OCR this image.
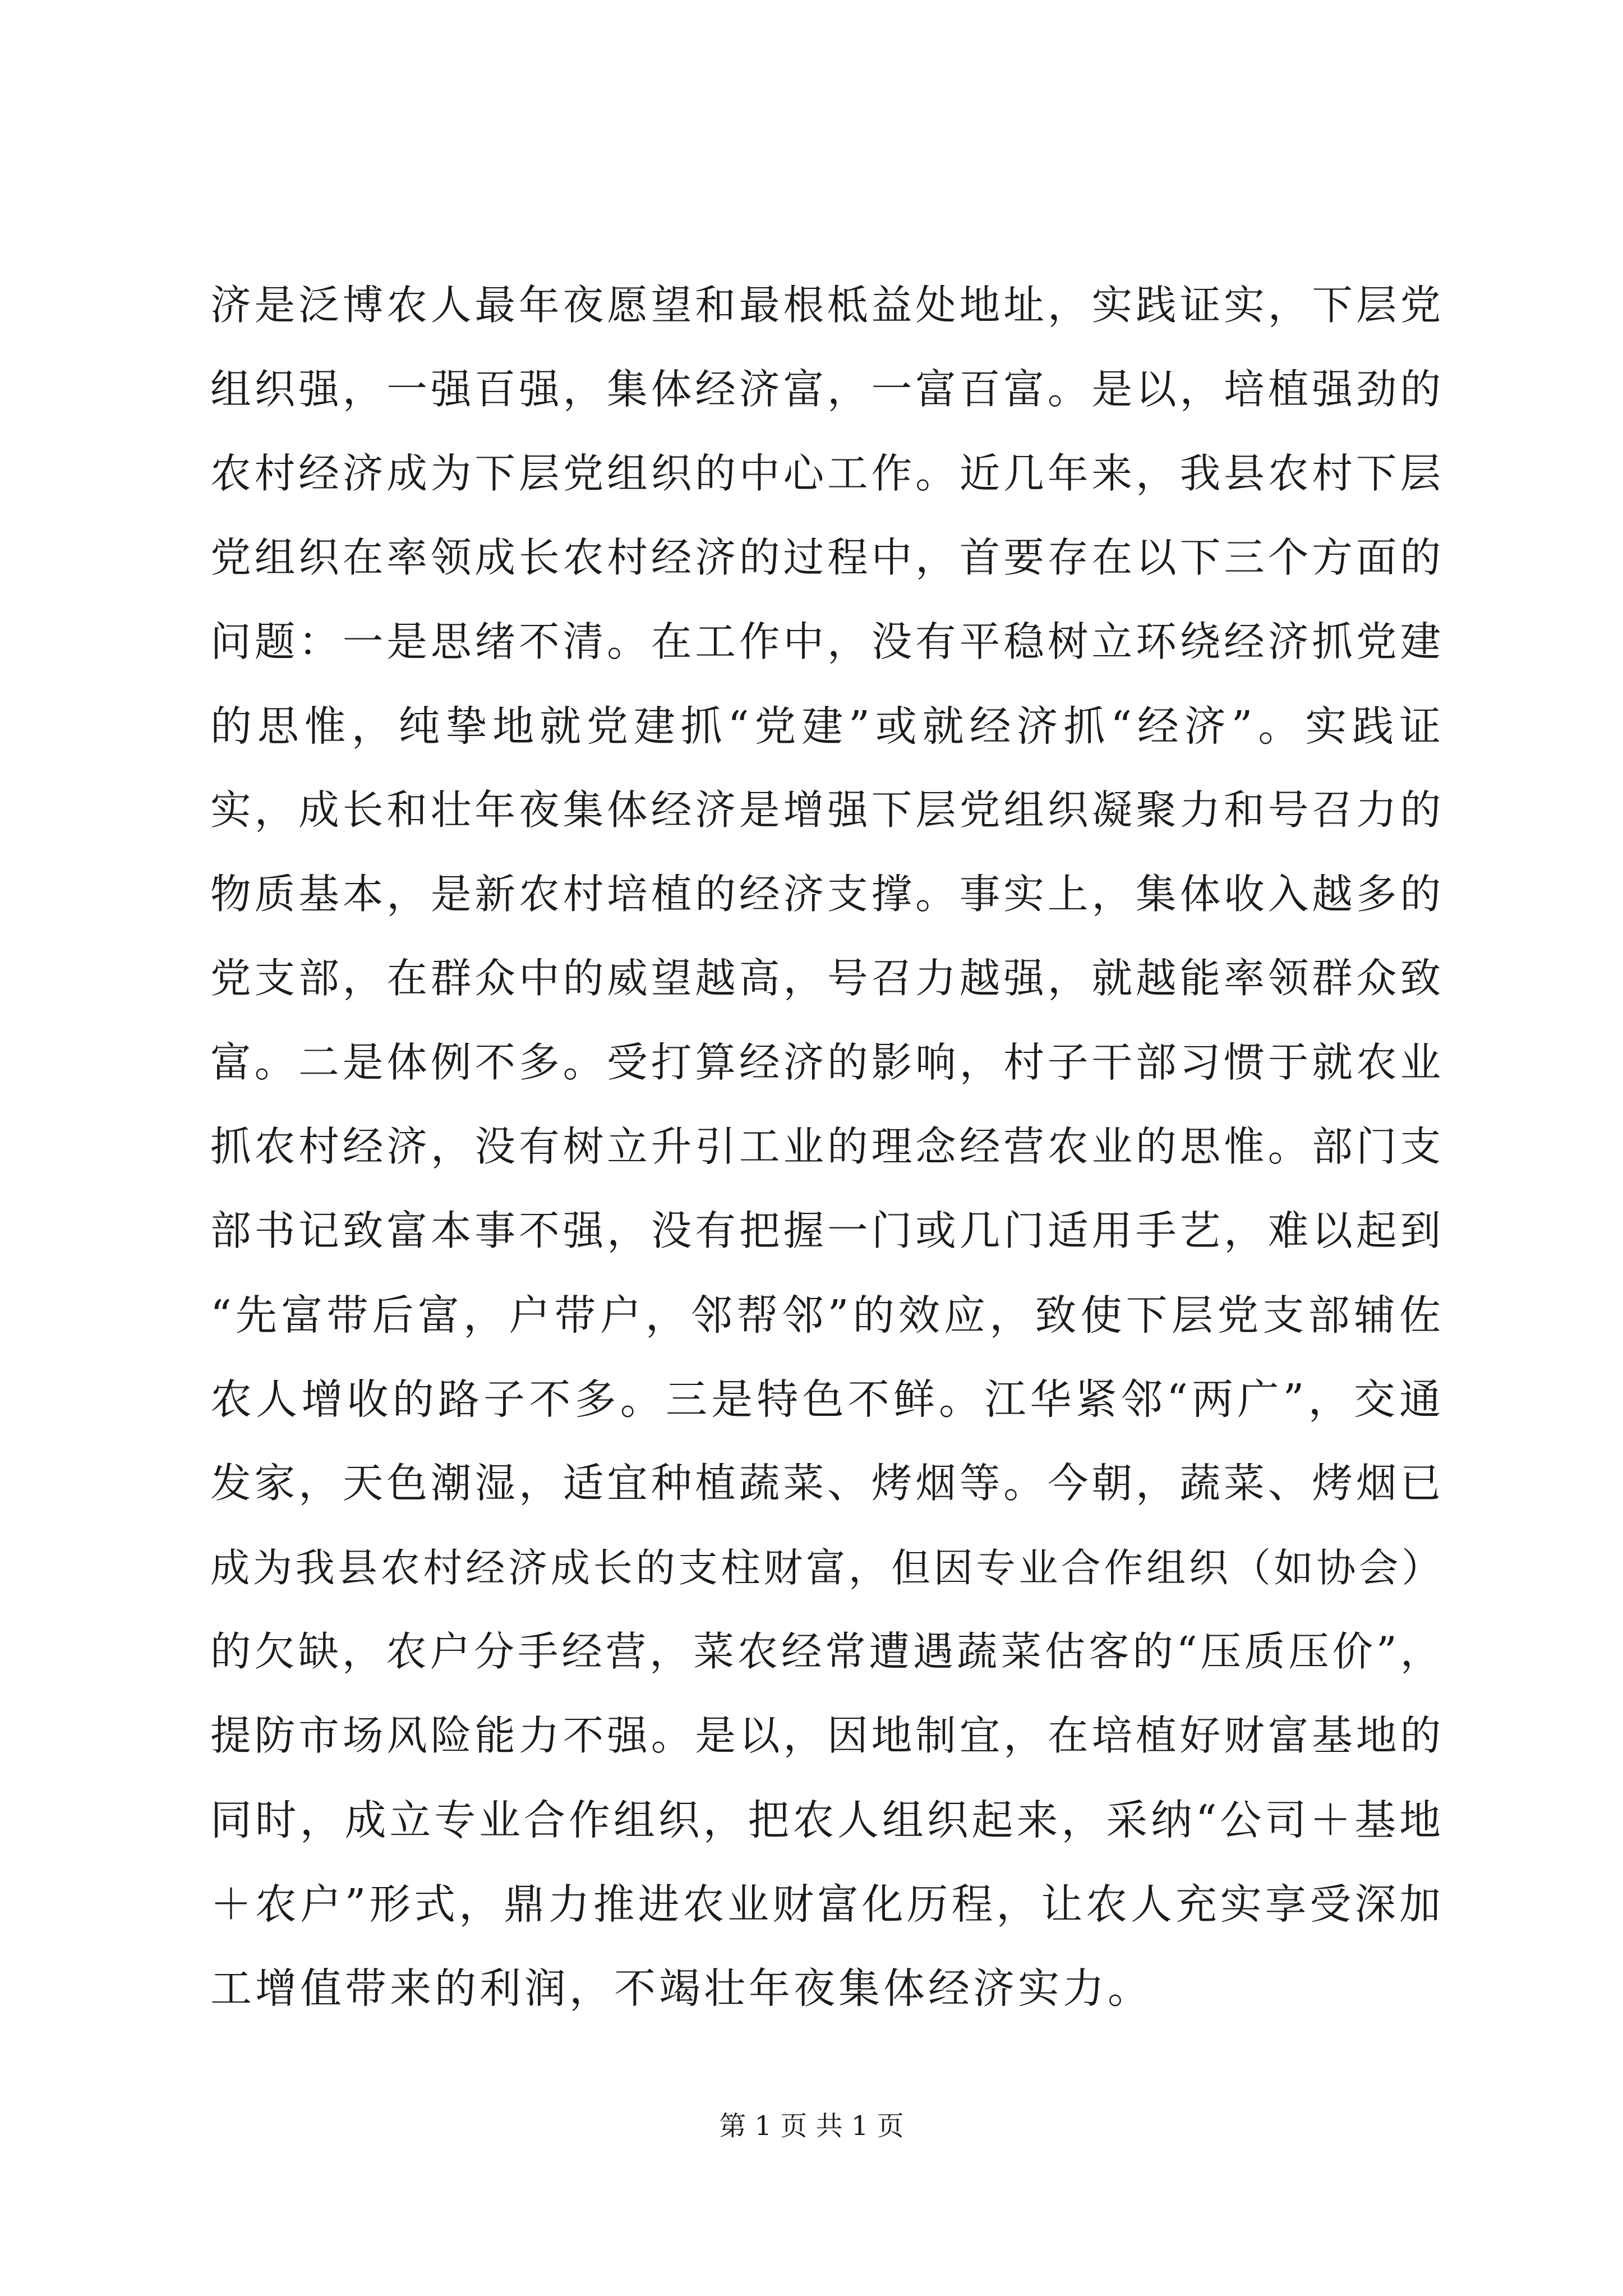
济是泛博农人最年夜愿望和最根柢益处地址，实践证实，下层党
组织强，一强百强，集体经济富，一富百富。是以，培植强劲的
农村经济成为下层党组织的中心工作。近几年来，我县农村下层
党组织在率领成长农村经济的过程中，首要存在以下三个方面的
问题：一是思绪不清。在工作中，没有平稳树立环绕经济抓党建
的思惟，纯挚地就党建抓“党建”或就经济抓“经济”。实践证
实，成长和壮年夜集体经济是增强下层党组织凝聚力和号召力的
物质基本，是新农村培植的经济支撑。事实上，集体收入越多的
党支部，在群众中的威望越高，号召力越强，就越能率领群众致
富。二是体例不多。受打算经济的影响，村子干部习惯于就农业
抓农村经济，没有树立升引工业的理念经营农业的思惟。部门支
部书记致富本事不强，没有把握一门或几门适用手艺，难以起到
“先富带后富，户带户，邻帮邻”的效应，致使下层党支部辅佐
农人增收的路子不多。三是特色不鲜。江华紧邻“两广”，交通
发家，天色潮湿，适宜种植蔬菜、烤烟等。今朝，蔬菜、烤烟已
成为我县农村经济成长的支柱财富，但因专业合作组织（如协会）
的欠缺，农户分手经营，菜农经常遭遇蔬菜估客的“压质压价”，
提防市场风险能力不强。是以，因地制宜，在培植好财富基地的
同时，成立专业合作组织，把农人组织起来，采纳“公司＋基地
＋农户”形式，鼎力推进农业财富化历程，让农人充实享受深加
工增值带来的利润，不竭壮年夜集体经济实力。
第 1 页 共 1 页
